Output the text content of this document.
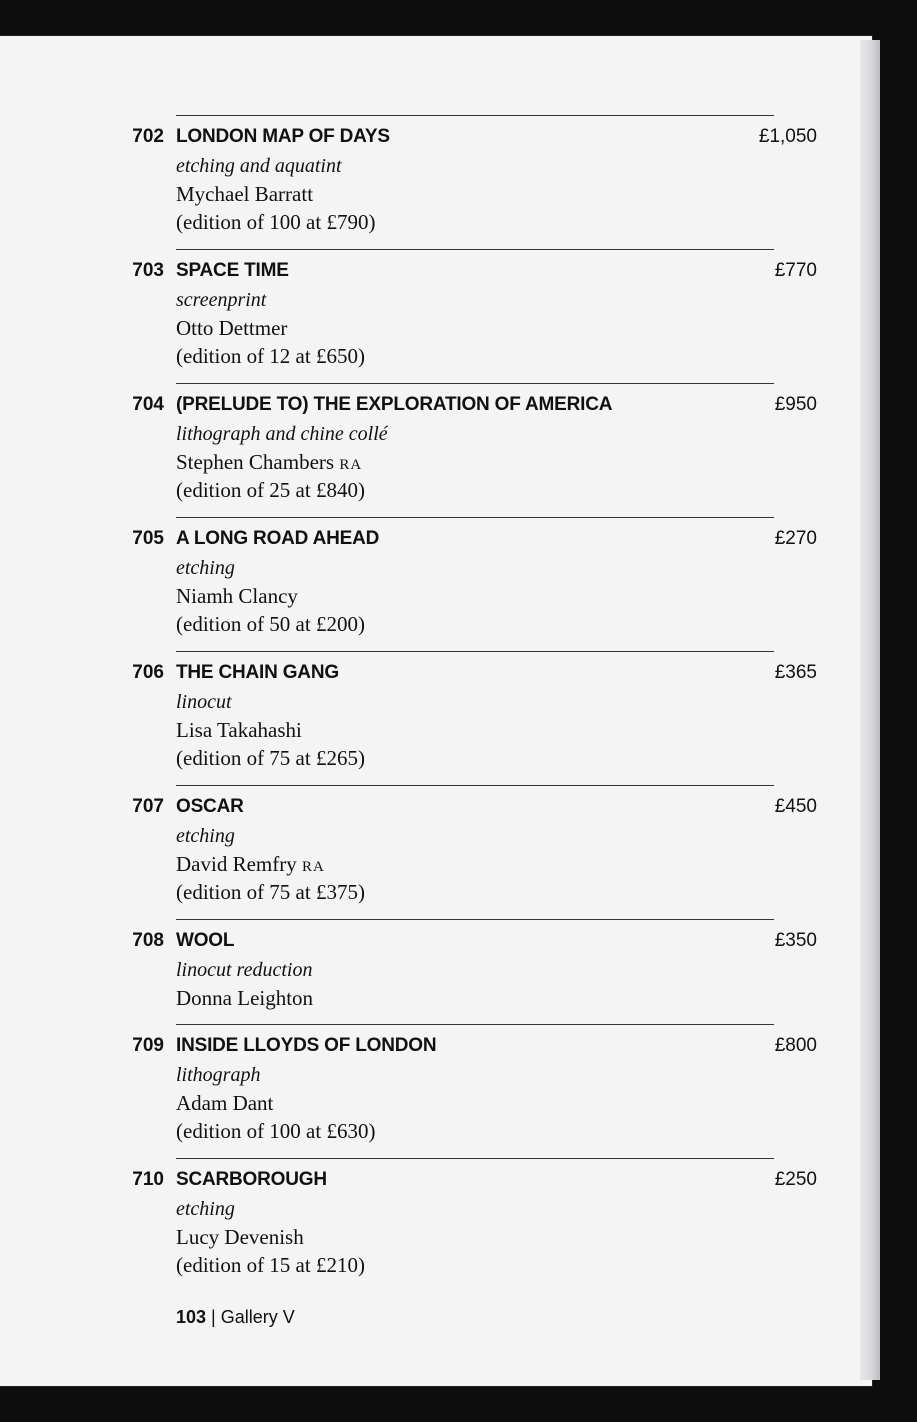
702 LONDON MAP OF DAYS	£1,050
etching and aquatint
Mychael Barratt
(edition of 100 at £790)
703 SPACE TIME	£770
screenprint
Otto Dettmer
(edition of 12 at £650)
704 (PRELUDE TO) THE EXPLORATION OF AMERICA	£950
lithograph and chine collé
Stephen Chambers RA
(edition of 25 at £840)
705 A LONG ROAD AHEAD	£270
etching
Niamh Clancy
(edition of 50 at £200)
706 THE CHAIN GANG	£365
linocut
Lisa Takahashi
(edition of 75 at £265)
707 OSCAR	£450
etching
David Remfry RA
(edition of 75 at £375)
708 WOOL	£350
linocut reduction
Donna Leighton
709 INSIDE LLOYDS OF LONDON	£800
lithograph
Adam Dant
(edition of 100 at £630)
710 SCARBOROUGH	£250
etching
Lucy Devenish
(edition of 15 at £210)
103 | Gallery V
